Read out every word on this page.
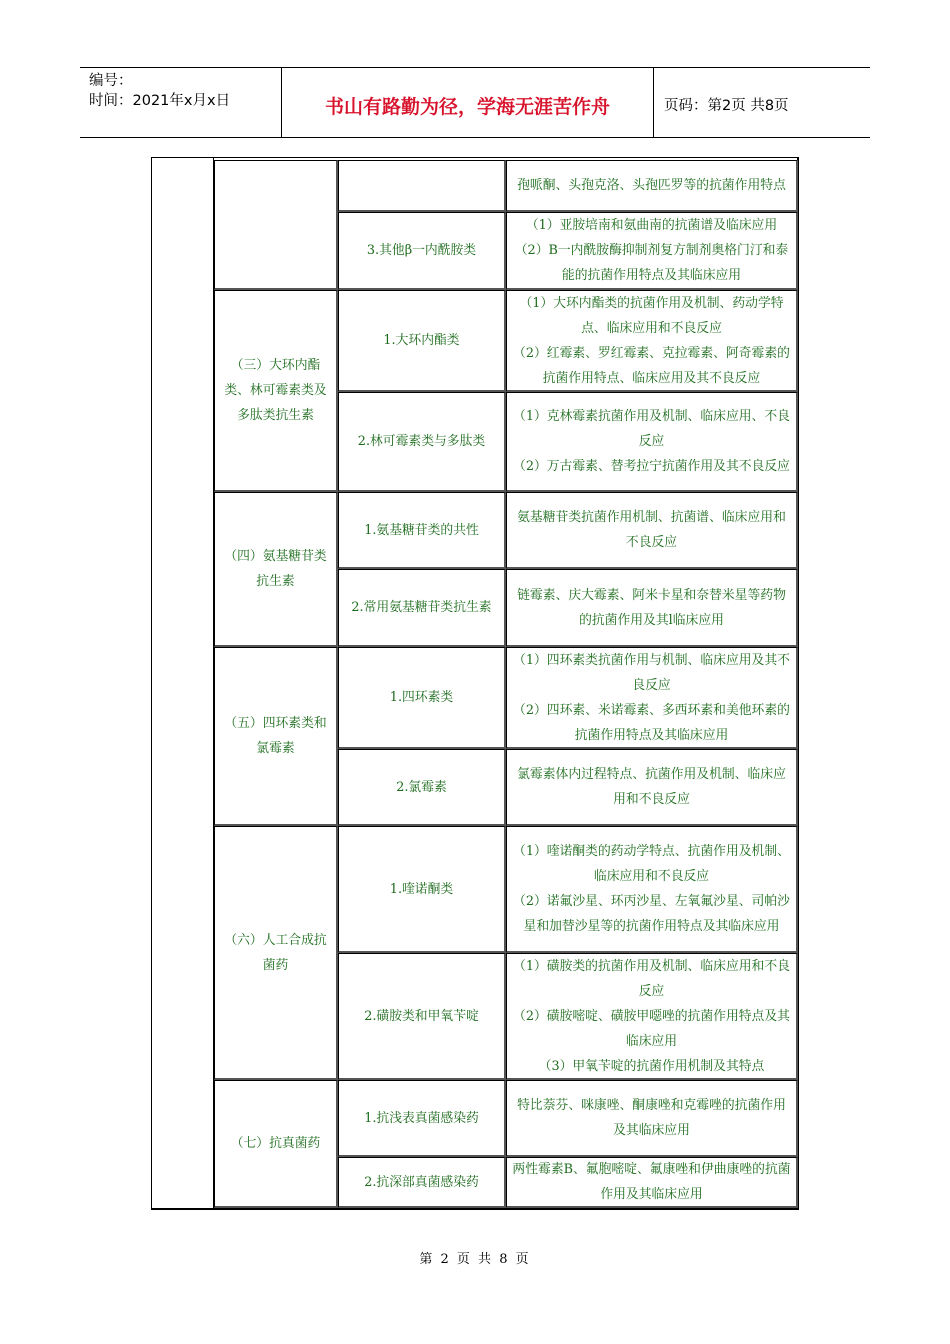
编号：
时间：2021年x月x日	书山有路勤为径，学海无涯苦作舟	页码：第2页 共8页
孢哌酮、头孢克洛、头孢匹罗等的抗菌作用特点
3.其他β一内酰胺类
（1）亚胺培南和氨曲南的抗菌谱及临床应用
（2）B一内酰胺酶抑制剂复方制剂奥格门汀和泰能的抗菌作用特点及其临床应用
（三）大环内酯类、林可霉素类及多肽类抗生素
1.大环内酯类
（1）大环内酯类的抗菌作用及机制、药动学特点、临床应用和不良反应
（2）红霉素、罗红霉素、克拉霉素、阿奇霉素的抗菌作用特点、临床应用及其不良反应
2.林可霉素类与多肽类
（1）克林霉素抗菌作用及机制、临床应用、不良反应
（2）万古霉素、替考拉宁抗菌作用及其不良反应
（四）氨基糖苷类抗生素
1.氨基糖苷类的共性
氨基糖苷类抗菌作用机制、抗菌谱、临床应用和
不良反应
2.常用氨基糖苷类抗生素
链霉素、庆大霉素、阿米卡星和奈替米星等药物
的抗菌作用及其l临床应用
（五）四环素类和氯霉素
1.四环素类
（1）四环素类抗菌作用与机制、临床应用及其不良反应
（2）四环素、米诺霉素、多西环素和美他环素的抗菌作用特点及其临床应用
2.氯霉素
氯霉素体内过程特点、抗菌作用及机制、临床应
用和不良反应
（六）人工合成抗菌药
1.喹诺酮类
（1）喹诺酮类的药动学特点、抗菌作用及机制、临床应用和不良反应
（2）诺氟沙星、环丙沙星、左氧氟沙星、司帕沙星和加替沙星等的抗菌作用特点及其临床应用
2.磺胺类和甲氧苄啶
（1）磺胺类的抗菌作用及机制、临床应用和不良反应
（2）磺胺嘧啶、磺胺甲噁唑的抗菌作用特点及其临床应用
（3）甲氧苄啶的抗菌作用机制及其特点
（七）抗真菌药
1.抗浅表真菌感染药
特比萘芬、咪康唑、酮康唑和克霉唑的抗菌作用
及其临床应用
2.抗深部真菌感染药
两性霉素B、氟胞嘧啶、氟康唑和伊曲康唑的抗菌作用及其临床应用
第 2 页 共 8 页
